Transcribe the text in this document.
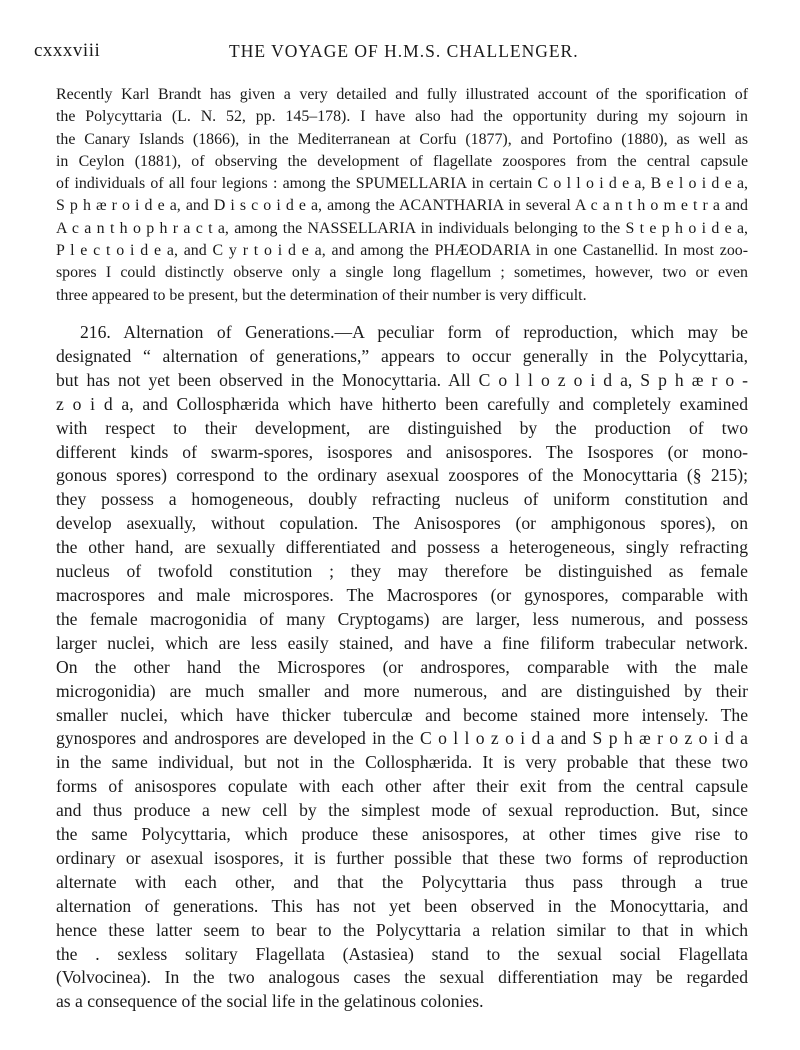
cxxxviii	THE VOYAGE OF H.M.S. CHALLENGER.
Recently Karl Brandt has given a very detailed and fully illustrated account of the sporification of
the Polycyttaria (L. N. 52, pp. 145–178). I have also had the opportunity during my sojourn in
the Canary Islands (1866), in the Mediterranean at Corfu (1877), and Portofino (1880), as well as
in Ceylon (1881), of observing the development of flagellate zoospores from the central capsule
of individuals of all four legions : among the SPUMELLARIA in certain C o l l o i d e a, B e l o i d e a,
S p h æ r o i d e a, and D i s c o i d e a, among the ACANTHARIA in several A c a n t h o m e t r a and
A c a n t h o p h r a c t a, among the NASSELLARIA in individuals belonging to the S t e p h o i d e a,
P l e c t o i d e a, and C y r t o i d e a, and among the PHÆODARIA in one Castanellid. In most zoo-
spores I could distinctly observe only a single long flagellum ; sometimes, however, two or even
three appeared to be present, but the determination of their number is very difficult.
216. Alternation of Generations.—A peculiar form of reproduction, which may be
designated “ alternation of generations,” appears to occur generally in the Polycyttaria,
but has not yet been observed in the Monocyttaria. All C o l l o z o i d a, S p h æ r o -
z o i d a, and Collosphærida which have hitherto been carefully and completely examined
with respect to their development, are distinguished by the production of two
different kinds of swarm-spores, isospores and anisospores. The Isospores (or mono-
gonous spores) correspond to the ordinary asexual zoospores of the Monocyttaria (§ 215);
they possess a homogeneous, doubly refracting nucleus of uniform constitution and
develop asexually, without copulation. The Anisospores (or amphigonous spores), on
the other hand, are sexually differentiated and possess a heterogeneous, singly refracting
nucleus of twofold constitution ; they may therefore be distinguished as female
macrospores and male microspores. The Macrospores (or gynospores, comparable with
the female macrogonidia of many Cryptogams) are larger, less numerous, and possess
larger nuclei, which are less easily stained, and have a fine filiform trabecular network.
On the other hand the Microspores (or androspores, comparable with the male
microgonidia) are much smaller and more numerous, and are distinguished by their
smaller nuclei, which have thicker tuberculæ and become stained more intensely. The
gynospores and androspores are developed in the C o l l o z o i d a and S p h æ r o z o i d a
in the same individual, but not in the Collosphærida. It is very probable that these two
forms of anisospores copulate with each other after their exit from the central capsule
and thus produce a new cell by the simplest mode of sexual reproduction. But, since
the same Polycyttaria, which produce these anisospores, at other times give rise to
ordinary or asexual isospores, it is further possible that these two forms of reproduction
alternate with each other, and that the Polycyttaria thus pass through a true
alternation of generations. This has not yet been observed in the Monocyttaria, and
hence these latter seem to bear to the Polycyttaria a relation similar to that in which
the . sexless solitary Flagellata (Astasiea) stand to the sexual social Flagellata
(Volvocinea). In the two analogous cases the sexual differentiation may be regarded
as a consequence of the social life in the gelatinous colonies.
